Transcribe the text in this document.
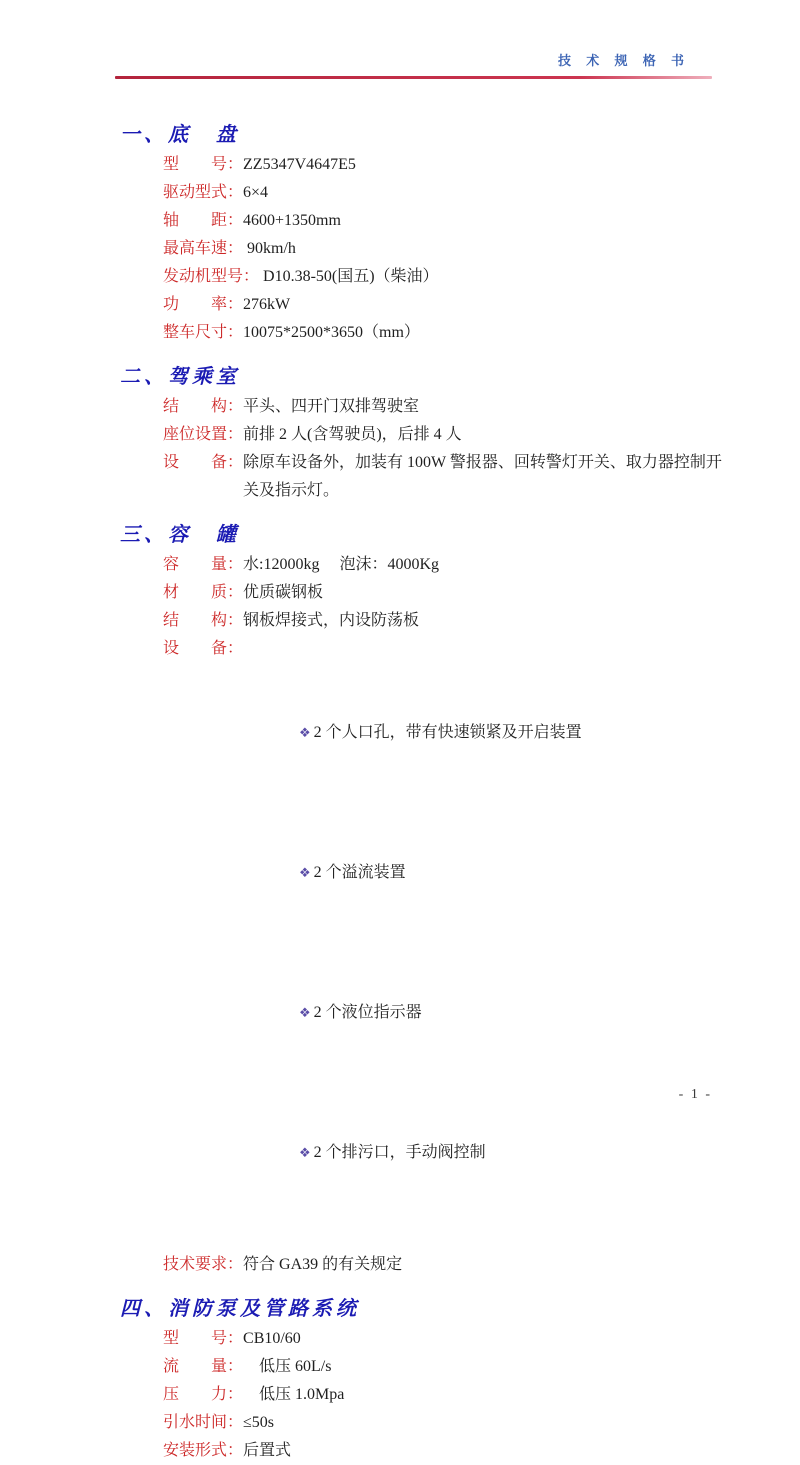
技 术 规 格 书
一、底　盘
型　　号： ZZ5347V4647E5
驱动型式： 6×4
轴　　距： 4600+1350mm
最高车速： 90km/h
发动机型号： D10.38-50(国五)（柴油）
功　　率： 276kW
整车尺寸： 10075*2500*3650（mm）
二、驾乘室
结　　构： 平头、四开门双排驾驶室
座位设置： 前排 2 人(含驾驶员)，后排 4 人
设　　备： 除原车设备外，加装有 100W 警报器、回转警灯开关、取力器控制开关及指示灯。
三、容　罐
容　　量： 水:12000kg　 泡沫：4000Kg
材　　质： 优质碳钢板
结　　构： 钢板焊接式，内设防荡板
设　　备：

❖ 2 个人口孔，带有快速锁紧及开启装置

❖ 2 个溢流装置

❖ 2 个液位指示器

❖ 2 个排污口，手动阀控制

技术要求： 符合 GA39 的有关规定
四、消防泵及管路系统
型　　号： CB10/60
流　　量： 　低压 60L/s
压　　力： 　低压 1.0Mpa
引水时间： ≤50s
安装形式： 后置式
- 1 -
